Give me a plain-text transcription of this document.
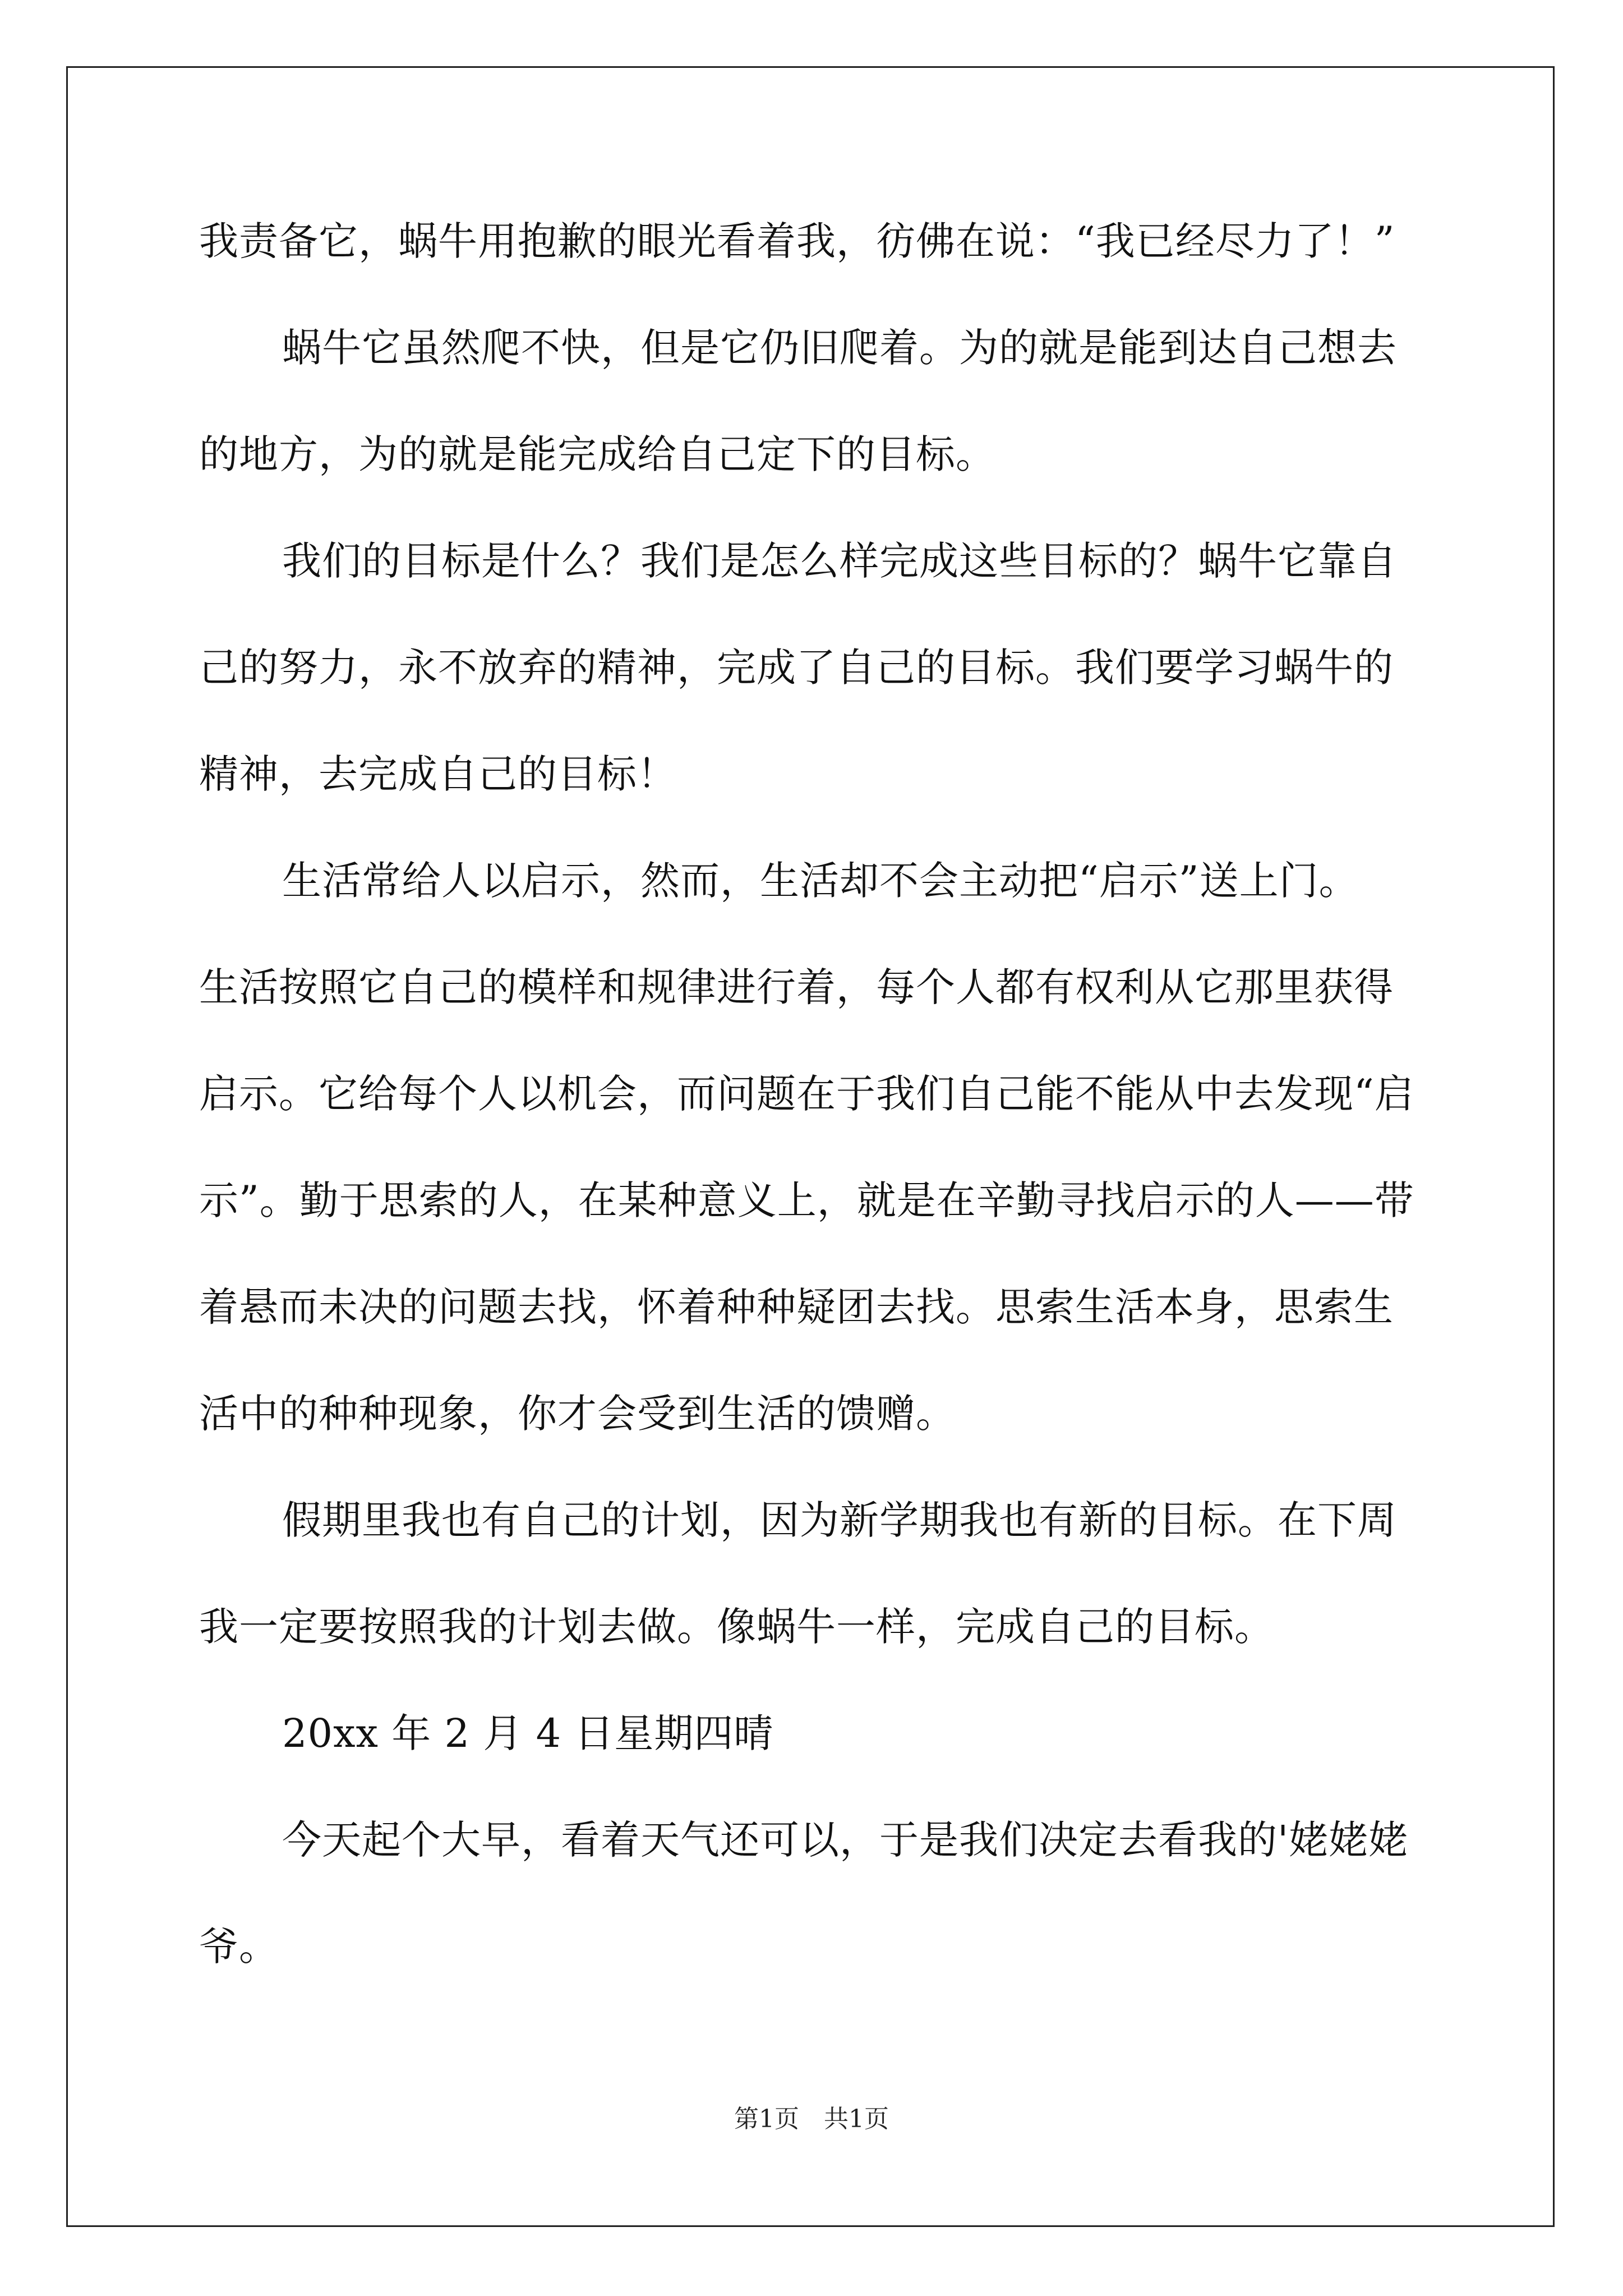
我责备它，蜗牛用抱歉的眼光看着我，彷佛在说：“我已经尽力了！”
蜗牛它虽然爬不快，但是它仍旧爬着。为的就是能到达自己想去
的地方，为的就是能完成给自己定下的目标。
我们的目标是什么？我们是怎么样完成这些目标的？蜗牛它靠自
己的努力，永不放弃的精神，完成了自己的目标。我们要学习蜗牛的
精神，去完成自己的目标！
生活常给人以启示，然而，生活却不会主动把“启示”送上门。
生活按照它自己的模样和规律进行着，每个人都有权利从它那里获得
启示。它给每个人以机会，而问题在于我们自己能不能从中去发现“启
示”。勤于思索的人，在某种意义上，就是在辛勤寻找启示的人——带
着悬而未决的问题去找，怀着种种疑团去找。思索生活本身，思索生
活中的种种现象，你才会受到生活的馈赠。
假期里我也有自己的计划，因为新学期我也有新的目标。在下周
我一定要按照我的计划去做。像蜗牛一样，完成自己的目标。
20xx 年 2 月 4 日星期四晴
今天起个大早，看着天气还可以，于是我们决定去看我的'姥姥姥
爷。
第1页　共1页
